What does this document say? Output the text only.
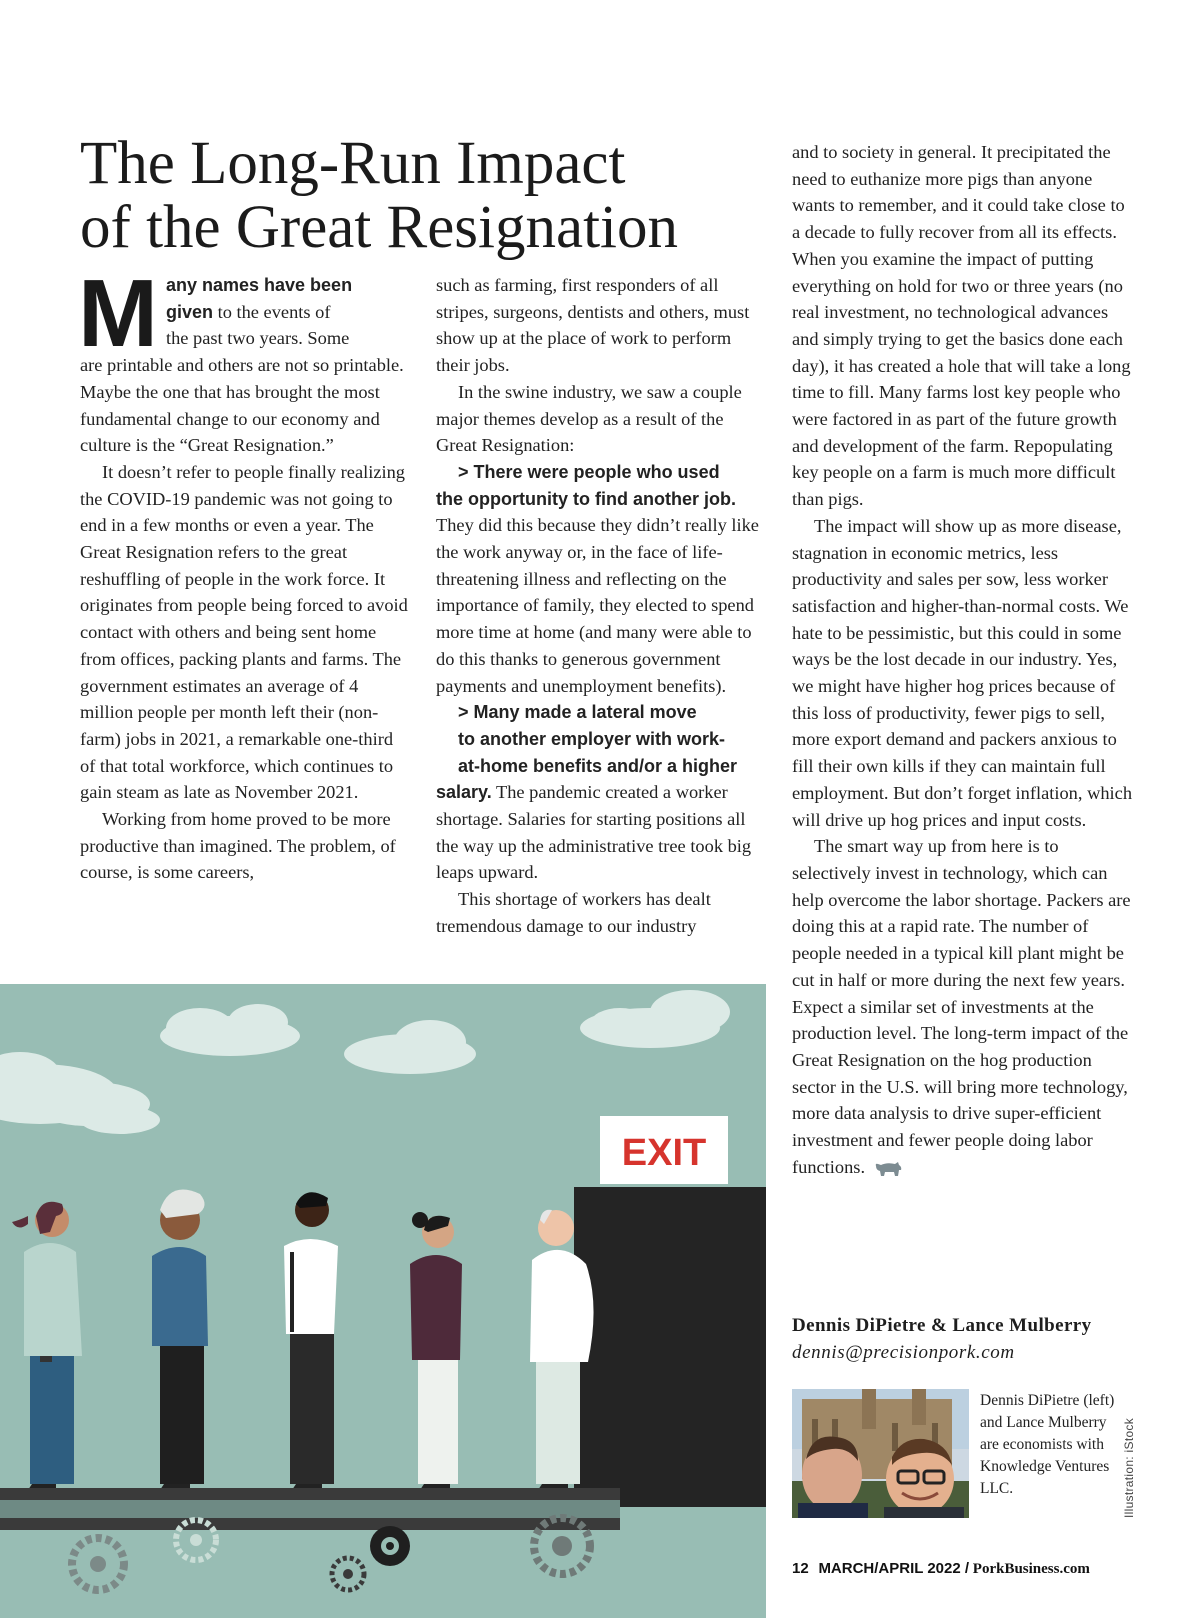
The Long-Run Impact
of the Great Resignation

M any names have been
given to the events of
the past two years. Some
are printable and others are not so printable. Maybe the one that has brought the most fundamental change to our economy and culture is the “Great Resignation.”

It doesn’t refer to people finally realizing the COVID-19 pandemic was not going to end in a few months or even a year. The Great Resignation refers to the great reshuffling of people in the work force. It originates from people being forced to avoid contact with others and being sent home from offices, packing plants and farms. The government estimates an average of 4 million people per month left their (non-farm) jobs in 2021, a remarkable one-third of that total workforce, which continues to gain steam as late as November 2021.

Working from home proved to be more productive than imagined. The problem, of course, is some careers,

such as farming, first responders of all stripes, surgeons, dentists and others, must show up at the place of work to perform their jobs.

In the swine industry, we saw a couple major themes develop as a result of the Great Resignation:

> There were people who used
the opportunity to find another job.
They did this because they didn’t really like the work anyway or, in the face of life-threatening illness and reflecting on the importance of family, they elected to spend more time at home (and many were able to do this thanks to generous government payments and unemployment benefits).

> Many made a lateral move
to another employer with work-
at-home benefits and/or a higher
salary. The pandemic created a worker shortage. Salaries for starting positions all the way up the administrative tree took big leaps upward.

This shortage of workers has dealt tremendous damage to our industry

and to society in general. It precipitated the need to euthanize more pigs than anyone wants to remember, and it could take close to a decade to fully recover from all its effects. When you examine the impact of putting everything on hold for two or three years (no real investment, no technological advances and simply trying to get the basics done each day), it has created a hole that will take a long time to fill. Many farms lost key people who were factored in as part of the future growth and development of the farm. Repopulating key people on a farm is much more difficult than pigs.

The impact will show up as more disease, stagnation in economic metrics, less productivity and sales per sow, less worker satisfaction and higher-than-normal costs. We hate to be pessimistic, but this could in some ways be the lost decade in our industry. Yes, we might have higher hog prices because of this loss of productivity, fewer pigs to sell, more export demand and packers anxious to fill their own kills if they can maintain full employment. But don’t forget inflation, which will drive up hog prices and input costs.

The smart way up from here is to selectively invest in technology, which can help overcome the labor shortage. Packers are doing this at a rapid rate. The number of people needed in a typical kill plant might be cut in half or more during the next few years. Expect a similar set of investments at the production level. The long-term impact of the Great Resignation on the hog production sector in the U.S. will bring more technology, more data analysis to drive super-efficient investment and fewer people doing labor functions.

EXIT
Dennis DiPietre & Lance Mulberry
dennis@precisionpork.com
Dennis DiPietre (left) and Lance Mulberry are economists with Knowledge Ventures LLC.	Illustration: iStock
12 MARCH/APRIL 2022 / PorkBusiness.com
